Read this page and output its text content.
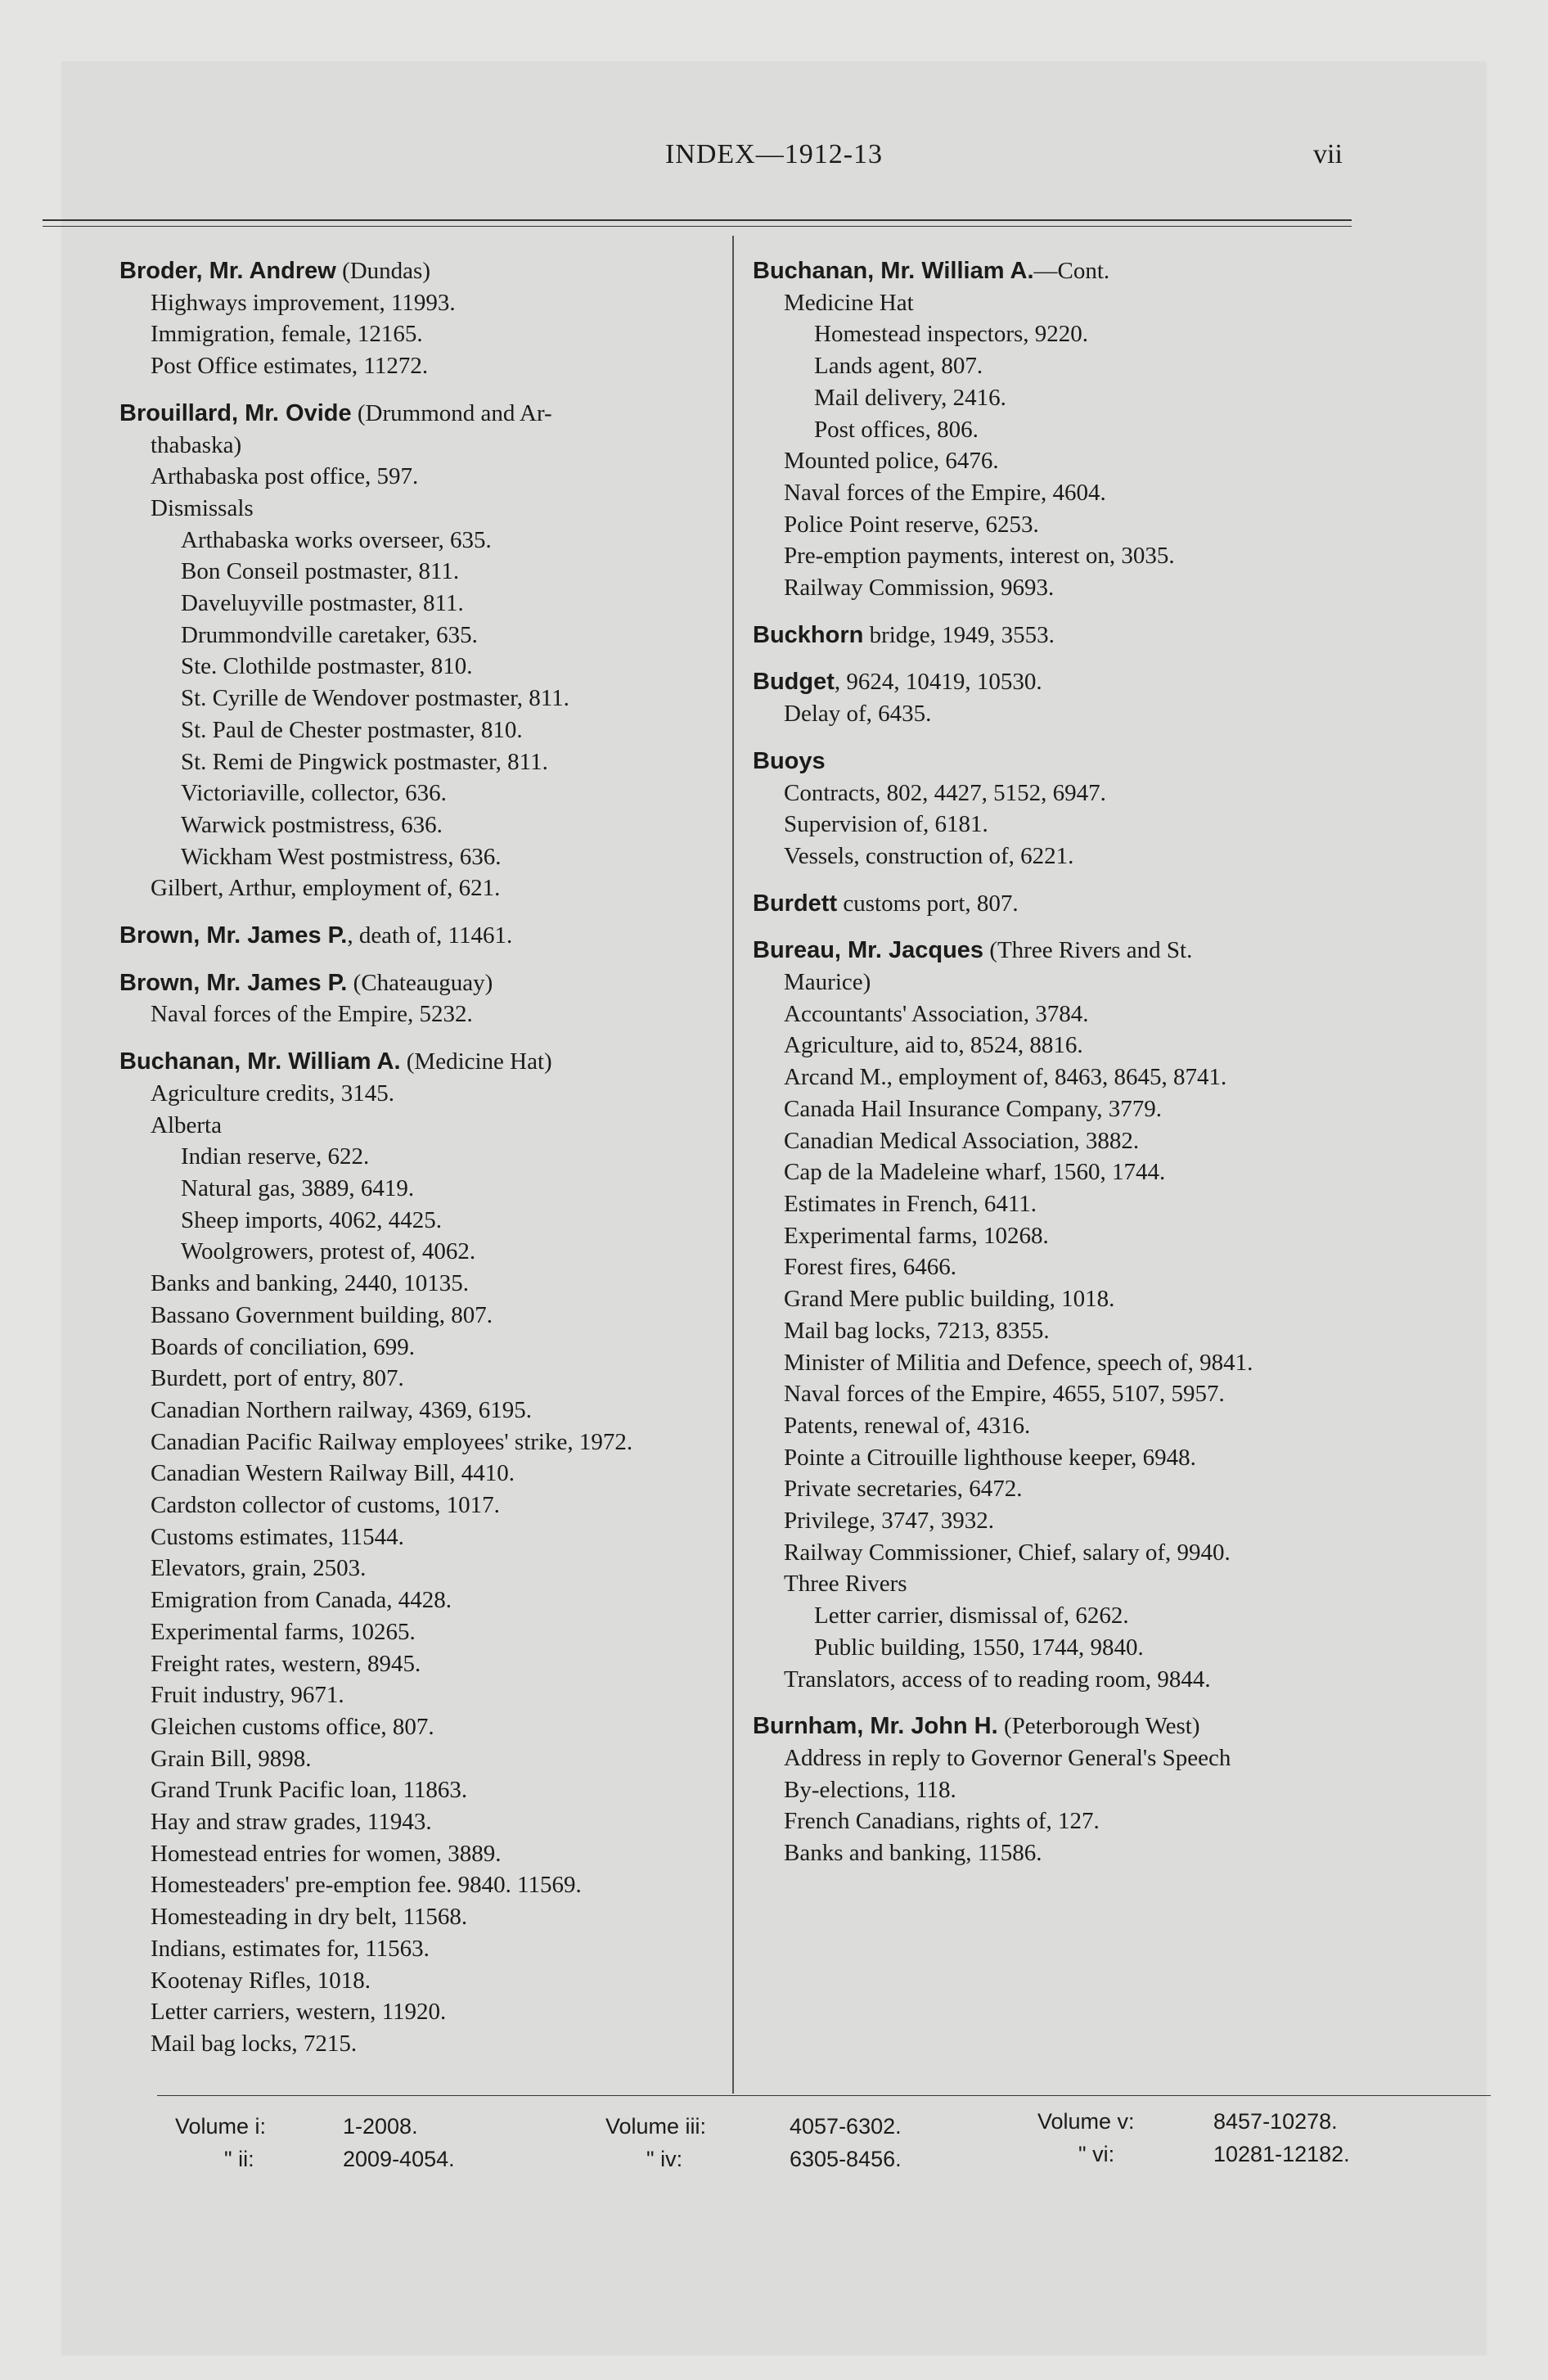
INDEX—1912-13	vii
Broder, Mr. Andrew (Dundas)
Highways improvement, 11993.
Immigration, female, 12165.
Post Office estimates, 11272.
Brouillard, Mr. Ovide (Drummond and Ar-
thabaska)
Arthabaska post office, 597.
Dismissals
Arthabaska works overseer, 635.
Bon Conseil postmaster, 811.
Daveluyville postmaster, 811.
Drummondville caretaker, 635.
Ste. Clothilde postmaster, 810.
St. Cyrille de Wendover postmaster, 811.
St. Paul de Chester postmaster, 810.
St. Remi de Pingwick postmaster, 811.
Victoriaville, collector, 636.
Warwick postmistress, 636.
Wickham West postmistress, 636.
Gilbert, Arthur, employment of, 621.
Brown, Mr. James P., death of, 11461.
Brown, Mr. James P. (Chateauguay)
Naval forces of the Empire, 5232.
Buchanan, Mr. William A. (Medicine Hat)
Agriculture credits, 3145.
Alberta
Indian reserve, 622.
Natural gas, 3889, 6419.
Sheep imports, 4062, 4425.
Woolgrowers, protest of, 4062.
Banks and banking, 2440, 10135.
Bassano Government building, 807.
Boards of conciliation, 699.
Burdett, port of entry, 807.
Canadian Northern railway, 4369, 6195.
Canadian Pacific Railway employees' strike, 1972.
Canadian Western Railway Bill, 4410.
Cardston collector of customs, 1017.
Customs estimates, 11544.
Elevators, grain, 2503.
Emigration from Canada, 4428.
Experimental farms, 10265.
Freight rates, western, 8945.
Fruit industry, 9671.
Gleichen customs office, 807.
Grain Bill, 9898.
Grand Trunk Pacific loan, 11863.
Hay and straw grades, 11943.
Homestead entries for women, 3889.
Homesteaders' pre-emption fee. 9840. 11569.
Homesteading in dry belt, 11568.
Indians, estimates for, 11563.
Kootenay Rifles, 1018.
Letter carriers, western, 11920.
Mail bag locks, 7215.
Buchanan, Mr. William A.—Cont.
Medicine Hat
Homestead inspectors, 9220.
Lands agent, 807.
Mail delivery, 2416.
Post offices, 806.
Mounted police, 6476.
Naval forces of the Empire, 4604.
Police Point reserve, 6253.
Pre-emption payments, interest on, 3035.
Railway Commission, 9693.
Buckhorn bridge, 1949, 3553.
Budget, 9624, 10419, 10530.
Delay of, 6435.
Buoys
Contracts, 802, 4427, 5152, 6947.
Supervision of, 6181.
Vessels, construction of, 6221.
Burdett customs port, 807.
Bureau, Mr. Jacques (Three Rivers and St.
Maurice)
Accountants' Association, 3784.
Agriculture, aid to, 8524, 8816.
Arcand M., employment of, 8463, 8645, 8741.
Canada Hail Insurance Company, 3779.
Canadian Medical Association, 3882.
Cap de la Madeleine wharf, 1560, 1744.
Estimates in French, 6411.
Experimental farms, 10268.
Forest fires, 6466.
Grand Mere public building, 1018.
Mail bag locks, 7213, 8355.
Minister of Militia and Defence, speech of, 9841.
Naval forces of the Empire, 4655, 5107, 5957.
Patents, renewal of, 4316.
Pointe a Citrouille lighthouse keeper, 6948.
Private secretaries, 6472.
Privilege, 3747, 3932.
Railway Commissioner, Chief, salary of, 9940.
Three Rivers
Letter carrier, dismissal of, 6262.
Public building, 1550, 1744, 9840.
Translators, access of to reading room, 9844.
Burnham, Mr. John H. (Peterborough West)
Address in reply to Governor General's Speech
By-elections, 118.
French Canadians, rights of, 127.
Banks and banking, 11586.
Volume i:	1-2008.
" ii:	2009-4054.
Volume iii:	4057-6302.
" iv:	6305-8456.
Volume v:	8457-10278.
" vi:	10281-12182.
